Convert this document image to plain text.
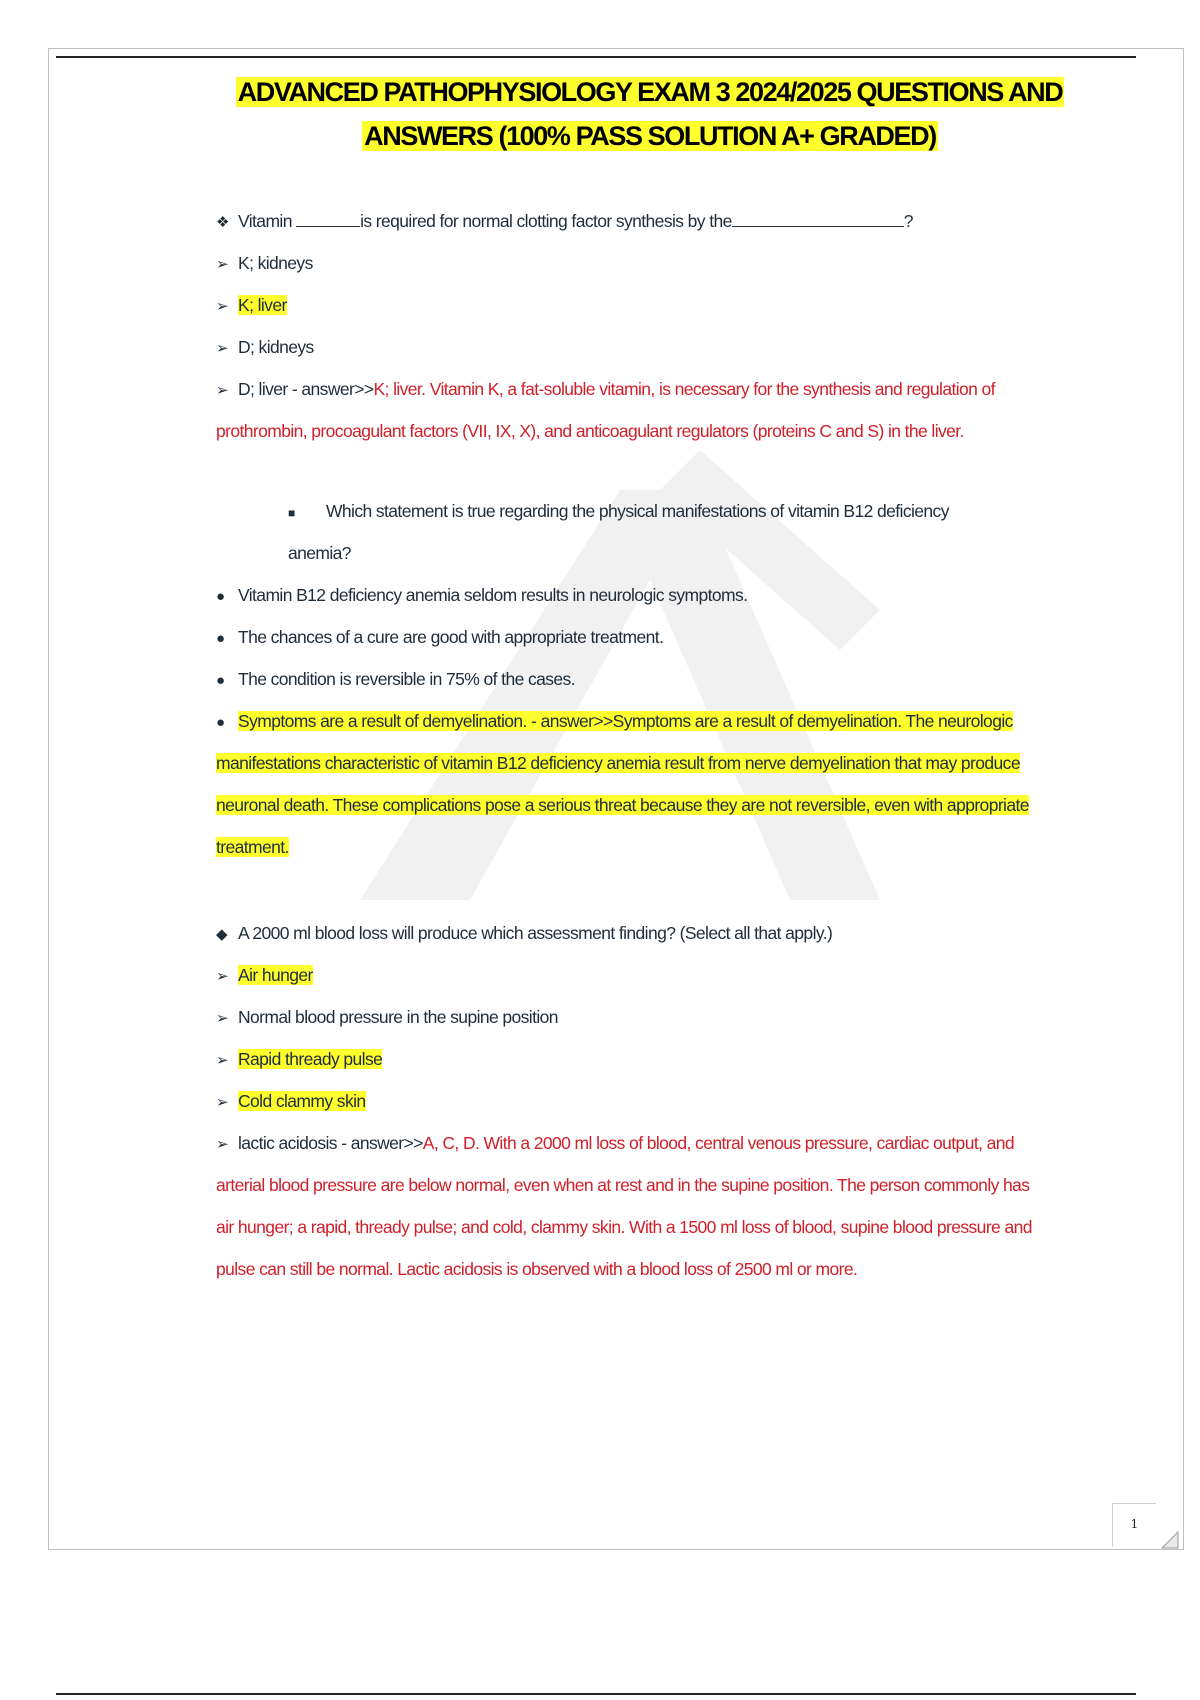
ADVANCED PATHOPHYSIOLOGY EXAM 3 2024/2025 QUESTIONS AND
ANSWERS (100% PASS SOLUTION A+ GRADED)
❖ Vitamin	is required for normal clotting factor synthesis by the	?
➢ K; kidneys
➢ K; liver
➢ D; kidneys
➢ D; liver - answer>>K; liver. Vitamin K, a fat-soluble vitamin, is necessary for the synthesis and regulation of
prothrombin, procoagulant factors (VII, IX, X), and anticoagulant regulators (proteins C and S) in the liver.
■ Which statement is true regarding the physical manifestations of vitamin B12 deficiency
anemia?
● Vitamin B12 deficiency anemia seldom results in neurologic symptoms.
● The chances of a cure are good with appropriate treatment.
● The condition is reversible in 75% of the cases.
● Symptoms are a result of demyelination. - answer>>Symptoms are a result of demyelination. The neurologic
manifestations characteristic of vitamin B12 deficiency anemia result from nerve demyelination that may produce
neuronal death. These complications pose a serious threat because they are not reversible, even with appropriate
treatment.
◆ A 2000 ml blood loss will produce which assessment finding? (Select all that apply.)
➢ Air hunger
➢ Normal blood pressure in the supine position
➢ Rapid thready pulse
➢ Cold clammy skin
➢ lactic acidosis - answer>>A, C, D. With a 2000 ml loss of blood, central venous pressure, cardiac output, and
arterial blood pressure are below normal, even when at rest and in the supine position. The person commonly has
air hunger; a rapid, thready pulse; and cold, clammy skin. With a 1500 ml loss of blood, supine blood pressure and
pulse can still be normal. Lactic acidosis is observed with a blood loss of 2500 ml or more.
1
